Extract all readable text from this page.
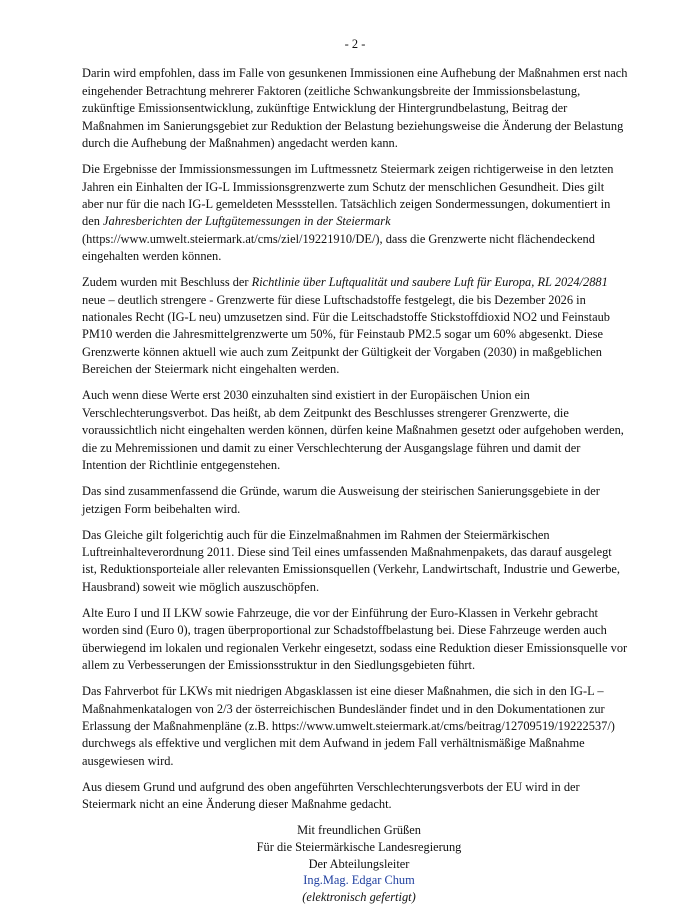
- 2 -

Darin wird empfohlen, dass im Falle von gesunkenen Immissionen eine Aufhebung der Maßnahmen erst nach eingehender Betrachtung mehrerer Faktoren (zeitliche Schwankungsbreite der Immissionsbelastung, zukünftige Emissionsentwicklung, zukünftige Entwicklung der Hintergrundbelastung, Beitrag der Maßnahmen im Sanierungsgebiet zur Reduktion der Belastung beziehungsweise die Änderung der Belastung durch die Aufhebung der Maßnahmen) angedacht werden kann.

Die Ergebnisse der Immissionsmessungen im Luftmessnetz Steiermark zeigen richtigerweise in den letzten Jahren ein Einhalten der IG-L Immissionsgrenzwerte zum Schutz der menschlichen Gesundheit. Dies gilt aber nur für die nach IG-L gemeldeten Messstellen. Tatsächlich zeigen Sondermessungen, dokumentiert in den Jahresberichten der Luftgütemessungen in der Steiermark (https://www.umwelt.steiermark.at/cms/ziel/19221910/DE/), dass die Grenzwerte nicht flächendeckend eingehalten werden können.

Zudem wurden mit Beschluss der Richtlinie über Luftqualität und saubere Luft für Europa, RL 2024/2881 neue – deutlich strengere - Grenzwerte für diese Luftschadstoffe festgelegt, die bis Dezember 2026 in nationales Recht (IG-L neu) umzusetzen sind. Für die Leitschadstoffe Stickstoffdioxid NO2 und Feinstaub PM10 werden die Jahresmittelgrenzwerte um 50%, für Feinstaub PM2.5 sogar um 60% abgesenkt. Diese Grenzwerte können aktuell wie auch zum Zeitpunkt der Gültigkeit der Vorgaben (2030) in maßgeblichen Bereichen der Steiermark nicht eingehalten werden.

Auch wenn diese Werte erst 2030 einzuhalten sind existiert in der Europäischen Union ein Verschlechterungsverbot. Das heißt, ab dem Zeitpunkt des Beschlusses strengerer Grenzwerte, die voraussichtlich nicht eingehalten werden können, dürfen keine Maßnahmen gesetzt oder aufgehoben werden, die zu Mehremissionen und damit zu einer Verschlechterung der Ausgangslage führen und damit der Intention der Richtlinie entgegenstehen.

Das sind zusammenfassend die Gründe, warum die Ausweisung der steirischen Sanierungsgebiete in der jetzigen Form beibehalten wird.

Das Gleiche gilt folgerichtig auch für die Einzelmaßnahmen im Rahmen der Steiermärkischen Luftreinhalteverordnung 2011. Diese sind Teil eines umfassenden Maßnahmenpakets, das darauf ausgelegt ist, Reduktionsporteiale aller relevanten Emissionsquellen (Verkehr, Landwirtschaft, Industrie und Gewerbe, Hausbrand) soweit wie möglich auszuschöpfen.

Alte Euro I und II LKW sowie Fahrzeuge, die vor der Einführung der Euro-Klassen in Verkehr gebracht worden sind (Euro 0), tragen überproportional zur Schadstoffbelastung bei. Diese Fahrzeuge werden auch überwiegend im lokalen und regionalen Verkehr eingesetzt, sodass eine Reduktion dieser Emissionsquelle vor allem zu Verbesserungen der Emissionsstruktur in den Siedlungsgebieten führt.

Das Fahrverbot für LKWs mit niedrigen Abgasklassen ist eine dieser Maßnahmen, die sich in den IG-L – Maßnahmenkatalogen von 2/3 der österreichischen Bundesländer findet und in den Dokumentationen zur Erlassung der Maßnahmenpläne (z.B. https://www.umwelt.steiermark.at/cms/beitrag/12709519/19222537/) durchwegs als effektive und verglichen mit dem Aufwand in jedem Fall verhältnismäßige Maßnahme ausgewiesen wird.

Aus diesem Grund und aufgrund des oben angeführten Verschlechterungsverbots der EU wird in der Steiermark nicht an eine Änderung dieser Maßnahme gedacht.

Mit freundlichen Grüßen
Für die Steiermärkische Landesregierung
Der Abteilungsleiter
Ing.Mag. Edgar Chum
(elektronisch gefertigt)
